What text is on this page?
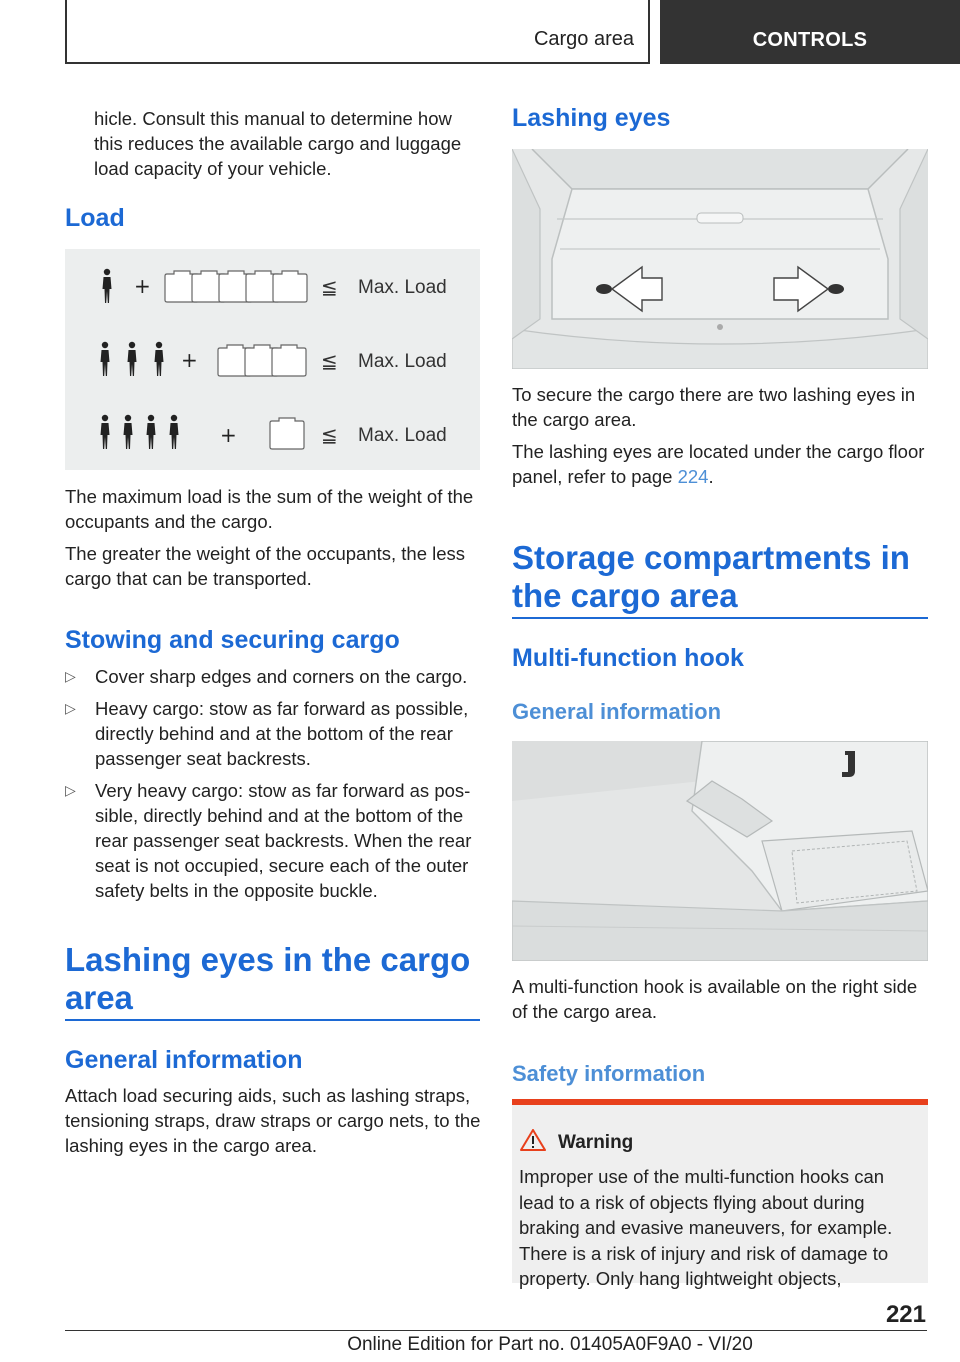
Cargo area	CONTROLS
hicle. Consult this manual to determine how this reduces the available cargo and luggage load capacity of your vehicle.
Load
+	≦ Max. Load
+	≦ Max. Load
+	≦ Max. Load
The maximum load is the sum of the weight of the occupants and the cargo.
The greater the weight of the occupants, the less cargo that can be transported.
Stowing and securing cargo
▷ Cover sharp edges and corners on the cargo.
▷ Heavy cargo: stow as far forward as possible,
directly behind and at the bottom of the rear
passenger seat backrests.
▷ Very heavy cargo: stow as far forward as pos‐
sible, directly behind and at the bottom of the
rear passenger seat backrests. When the rear
seat is not occupied, secure each of the outer
safety belts in the opposite buckle.
Lashing eyes in the cargo
area
General information
Attach load securing aids, such as lashing straps, tensioning straps, draw straps or cargo nets, to the lashing eyes in the cargo area.
Lashing eyes
To secure the cargo there are two lashing eyes in the cargo area.
The lashing eyes are located under the cargo floor panel, refer to page 224.
Storage compartments in
the cargo area
Multi-function hook
General information
A multi-function hook is available on the right side of the cargo area.
Safety information
Warning
Improper use of the multi-function hooks can lead to a risk of objects flying about during braking and evasive maneuvers, for example. There is a risk of injury and risk of damage to property. Only hang lightweight objects,
221
Online Edition for Part no. 01405A0F9A0 - VI/20
